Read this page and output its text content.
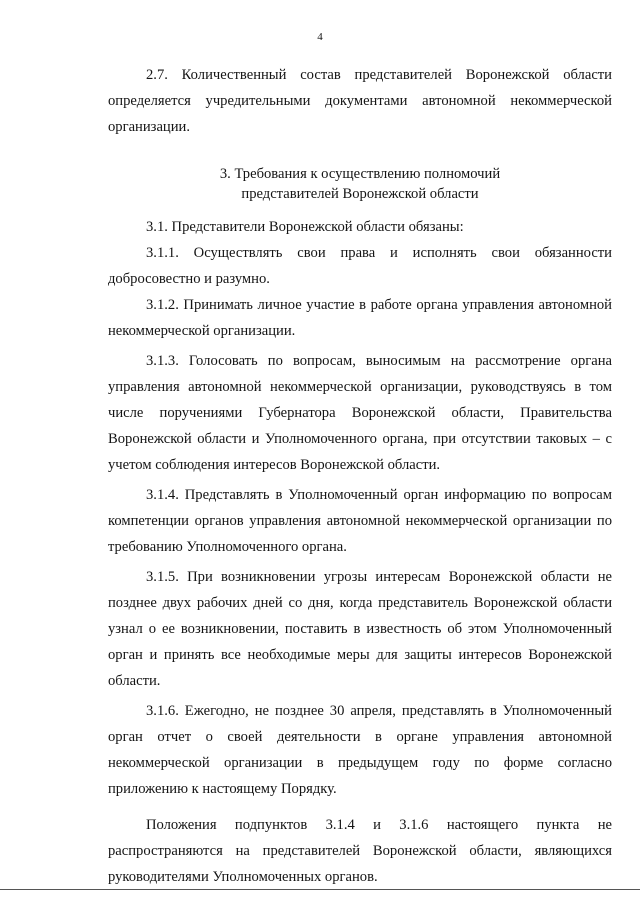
4

2.7. Количественный состав представителей Воронежской области определяется учредительными документами автономной некоммерческой организации.

3. Требования к осуществлению полномочий
представителей Воронежской области

3.1. Представители Воронежской области обязаны:

3.1.1. Осуществлять свои права и исполнять свои обязанности добросовестно и разумно.

3.1.2. Принимать личное участие в работе органа управления автономной некоммерческой организации.

3.1.3. Голосовать по вопросам, выносимым на рассмотрение органа управления автономной некоммерческой организации, руководствуясь в том числе поручениями Губернатора Воронежской области, Правительства Воронежской области и Уполномоченного органа, при отсутствии таковых – с учетом соблюдения интересов Воронежской области.

3.1.4. Представлять в Уполномоченный орган информацию по вопросам компетенции органов управления автономной некоммерческой организации по требованию Уполномоченного органа.

3.1.5. При возникновении угрозы интересам Воронежской области не позднее двух рабочих дней со дня, когда представитель Воронежской области узнал о ее возникновении, поставить в известность об этом Уполномоченный орган и принять все необходимые меры для защиты интересов Воронежской области.

3.1.6. Ежегодно, не позднее 30 апреля, представлять в Уполномоченный орган отчет о своей деятельности в органе управления автономной некоммерческой организации в предыдущем году по форме согласно приложению к настоящему Порядку.

Положения подпунктов 3.1.4 и 3.1.6 настоящего пункта не распространяются на представителей Воронежской области, являющихся руководителями Уполномоченных органов.
